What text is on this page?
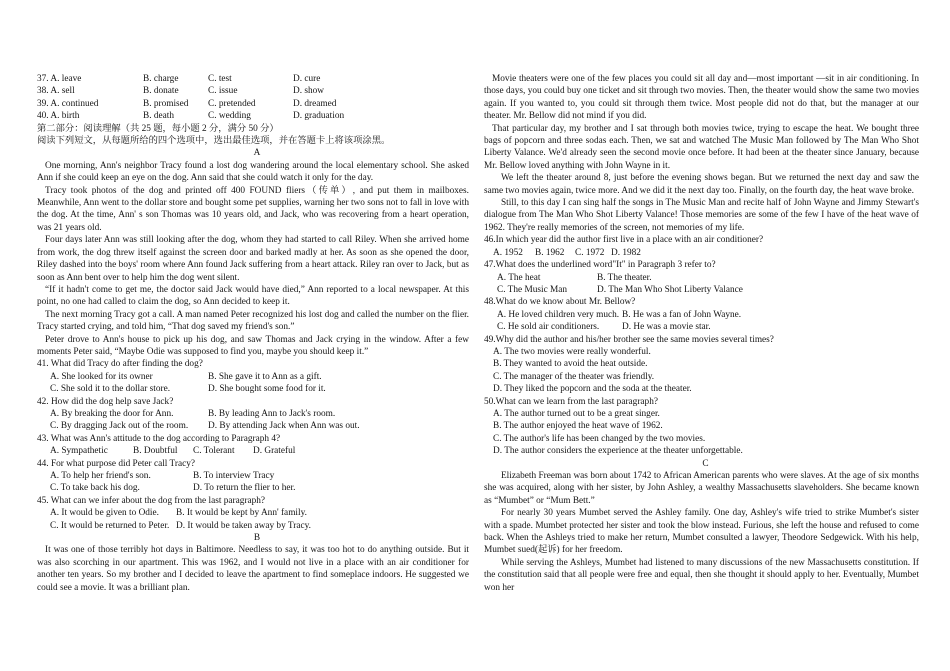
37. A. leave	B. charge	C. test	D. cure
38. A. sell	B. donate	C. issue	D. show
39. A. continued	B. promised	C. pretended	D. dreamed
40. A. birth	B. death	C. wedding	D. graduation

第二部分：阅读理解（共 25 题，每小题 2 分，满分 50 分）

阅读下列短文，从每题所给的四个选项中，选出最佳选项，并在答题卡上将该项涂黑。

A

One morning, Ann's neighbor Tracy found a lost dog wandering around the local elementary school. She asked Ann if she could keep an eye on the dog. Ann said that she could watch it only for the day.

Tracy took photos of the dog and printed off 400 FOUND fliers（传单）, and put them in mailboxes. Meanwhile, Ann went to the dollar store and bought some pet supplies, warning her two sons not to fall in love with the dog. At the time, Ann' s son Thomas was 10 years old, and Jack, who was recovering from a heart operation, was 21 years old.

Four days later Ann was still looking after the dog, whom they had started to call Riley. When she arrived home from work, the dog threw itself against the screen door and barked madly at her. As soon as she opened the door, Riley dashed into the boys' room where Ann found Jack suffering from a heart attack. Riley ran over to Jack, but as soon as Ann bent over to help him the dog went silent.

“If it hadn't come to get me, the doctor said Jack would have died,” Ann reported to a local newspaper. At this point, no one had called to claim the dog, so Ann decided to keep it.

The next morning Tracy got a call. A man named Peter recognized his lost dog and called the number on the flier. Tracy started crying, and told him, “That dog saved my friend's son.”

Peter drove to Ann's house to pick up his dog, and saw Thomas and Jack crying in the window. After a few moments Peter said, “Maybe Odie was supposed to find you, maybe you should keep it.”

41. What did Tracy do after finding the dog?

A. She looked for its owner	B. She gave it to Ann as a gift.
C. She sold it to the dollar store.	D. She bought some food for it.

42. How did the dog help save Jack?

A. By breaking the door for Ann.	B. By leading Ann to Jack's room.
C. By dragging Jack out of the room.	D. By attending Jack when Ann was out.

43. What was Ann's attitude to the dog according to Paragraph 4?

A. Sympathetic	B. Doubtful	C. Tolerant	D. Grateful

44. For what purpose did Peter call Tracy?

A. To help her friend's son.	B. To interview Tracy
C. To take back his dog.	D. To return the flier to her.

45. What can we infer about the dog from the last paragraph?

A. It would be given to Odie.	B. It would be kept by Ann' family.
C. It would be returned to Peter. D. It would be taken away by Tracy.

B

It was one of those terribly hot days in Baltimore. Needless to say, it was too hot to do anything outside. But it was also scorching in our apartment. This was 1962, and I would not live in a place with an air conditioner for another ten years. So my brother and I decided to leave the apartment to find someplace indoors. He suggested we could see a movie. It was a brilliant plan.

Movie theaters were one of the few places you could sit all day and—most important —sit in air conditioning. In those days, you could buy one ticket and sit through two movies. Then, the theater would show the same two movies again. If you wanted to, you could sit through them twice. Most people did not do that, but the manager at our theater. Mr. Bellow did not mind if you did.

That particular day, my brother and I sat through both movies twice, trying to escape the heat. We bought three bags of popcorn and three sodas each. Then, we sat and watched The Music Man followed by The Man Who Shot Liberty Valance. We'd already seen the second movie once before. It had been at the theater since January, because Mr. Bellow loved anything with John Wayne in it.

We left the theater around 8, just before the evening shows began. But we returned the next day and saw the same two movies again, twice more. And we did it the next day too. Finally, on the fourth day, the heat wave broke.

Still, to this day I can sing half the songs in The Music Man and recite half of John Wayne and Jimmy Stewart's dialogue from The Man Who Shot Liberty Valance! Those memories are some of the few I have of the heat wave of 1962. They're really memories of the screen, not memories of my life.

46.In which year did the author first live in a place with an air conditioner?

A. 1952	B. 1962	C. 1972 D. 1982

47.What does the underlined word"It" in Paragraph 3 refer to?

A. The heat	B. The theater.
C. The Music Man	D. The Man Who Shot Liberty Valance

48.What do we know about Mr. Bellow?

A. He loved children very much. B. He was a fan of John Wayne.
C. He sold air conditioners.	D. He was a movie star.

49.Why did the author and his/her brother see the same movies several times?

A. The two movies were really wonderful.

B. They wanted to avoid the heat outside.

C. The manager of the theater was friendly.

D. They liked the popcorn and the soda at the theater.

50.What can we learn from the last paragraph?

A. The author turned out to be a great singer.

B. The author enjoyed the heat wave of 1962.

C. The author's life has been changed by the two movies.

D. The author considers the experience at the theater unforgettable.

C

Elizabeth Freeman was born about 1742 to African American parents who were slaves. At the age of six months she was acquired, along with her sister, by John Ashley, a wealthy Massachusetts slaveholders. She became known as “Mumbet” or “Mum Bett.”

For nearly 30 years Mumbet served the Ashley family. One day, Ashley's wife tried to strike Mumbet's sister with a spade. Mumbet protected her sister and took the blow instead. Furious, she left the house and refused to come back. When the Ashleys tried to make her return, Mumbet consulted a lawyer, Theodore Sedgewick. With his help, Mumbet sued(起诉) for her freedom.

While serving the Ashleys, Mumbet had listened to many discussions of the new Massachusetts constitution. If the constitution said that all people were free and equal, then she thought it should apply to her. Eventually, Mumbet won her
